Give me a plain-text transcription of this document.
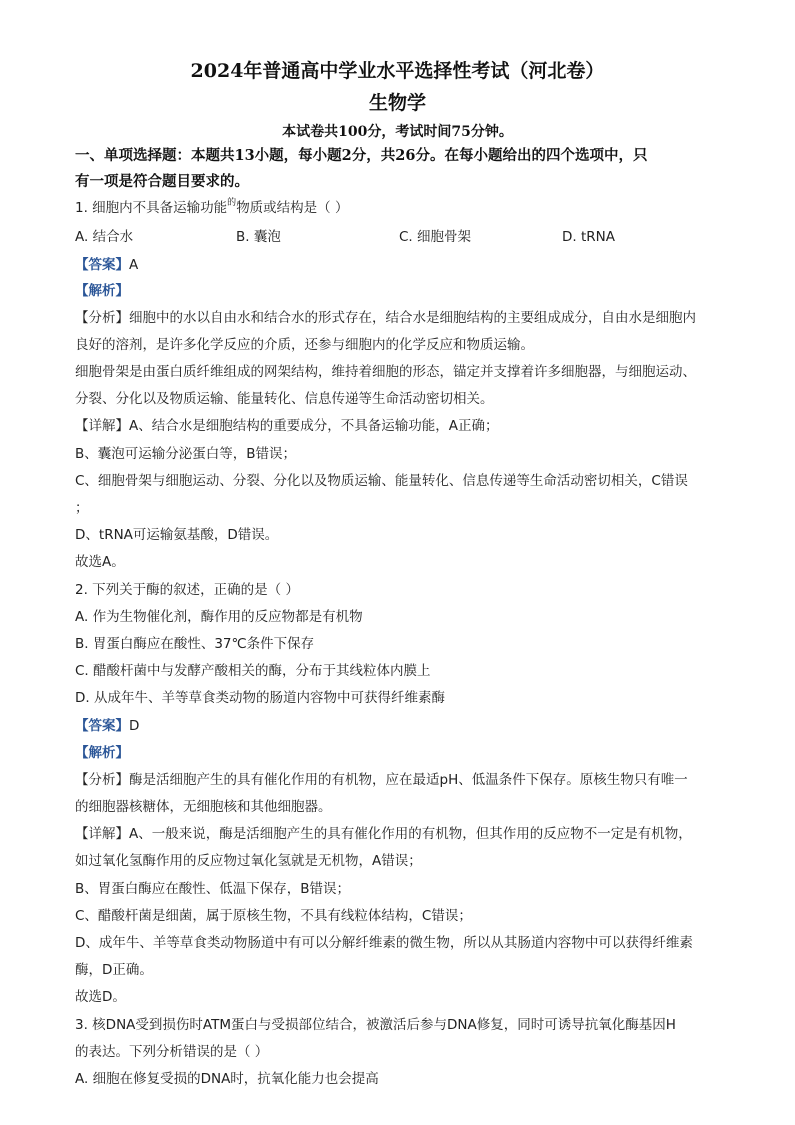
2024年普通高中学业水平选择性考试（河北卷）
生物学
本试卷共100分，考试时间75分钟。
一、单项选择题：本题共13小题，每小题2分，共26分。在每小题给出的四个选项中，只
有一项是符合题目要求的。
1. 细胞内不具备运输功能$^的$物质或结构是（ ）
A. 结合水	B. 囊泡	C. 细胞骨架	D. tRNA
【答案】A
【解析】
【分析】细胞中的水以自由水和结合水的形式存在，结合水是细胞结构的主要组成成分，自由水是细胞内
良好的溶剂，是许多化学反应的介质，还参与细胞内的化学反应和物质运输。
细胞骨架是由蛋白质纤维组成的网架结构，维持着细胞的形态，锚定并支撑着许多细胞器，与细胞运动、
分裂、分化以及物质运输、能量转化、信息传递等生命活动密切相关。
【详解】A、结合水是细胞结构的重要成分，不具备运输功能，A正确；
B、囊泡可运输分泌蛋白等，B错误；
C、细胞骨架与细胞运动、分裂、分化以及物质运输、能量转化、信息传递等生命活动密切相关，C错误
；
D、tRNA可运输氨基酸，D错误。
故选A。
2. 下列关于酶的叙述，正确的是（ ）
A. 作为生物催化剂，酶作用的反应物都是有机物
B. 胃蛋白酶应在酸性、37℃条件下保存
C. 醋酸杆菌中与发酵产酸相关的酶，分布于其线粒体内膜上
D. 从成年牛、羊等草食类动物的肠道内容物中可获得纤维素酶
【答案】D
【解析】
【分析】酶是活细胞产生的具有催化作用的有机物，应在最适pH、低温条件下保存。原核生物只有唯一
的细胞器核糖体，无细胞核和其他细胞器。
【详解】A、一般来说，酶是活细胞产生的具有催化作用的有机物，但其作用的反应物不一定是有机物，
如过氧化氢酶作用的反应物过氧化氢就是无机物，A错误；
B、胃蛋白酶应在酸性、低温下保存，B错误；
C、醋酸杆菌是细菌，属于原核生物，不具有线粒体结构，C错误；
D、成年牛、羊等草食类动物肠道中有可以分解纤维素的微生物，所以从其肠道内容物中可以获得纤维素
酶，D正确。
故选D。
3. 核DNA受到损伤时ATM蛋白与受损部位结合，被激活后参与DNA修复，同时可诱导抗氧化酶基因H
的表达。下列分析错误的是（ ）
A. 细胞在修复受损的DNA时，抗氧化能力也会提高
